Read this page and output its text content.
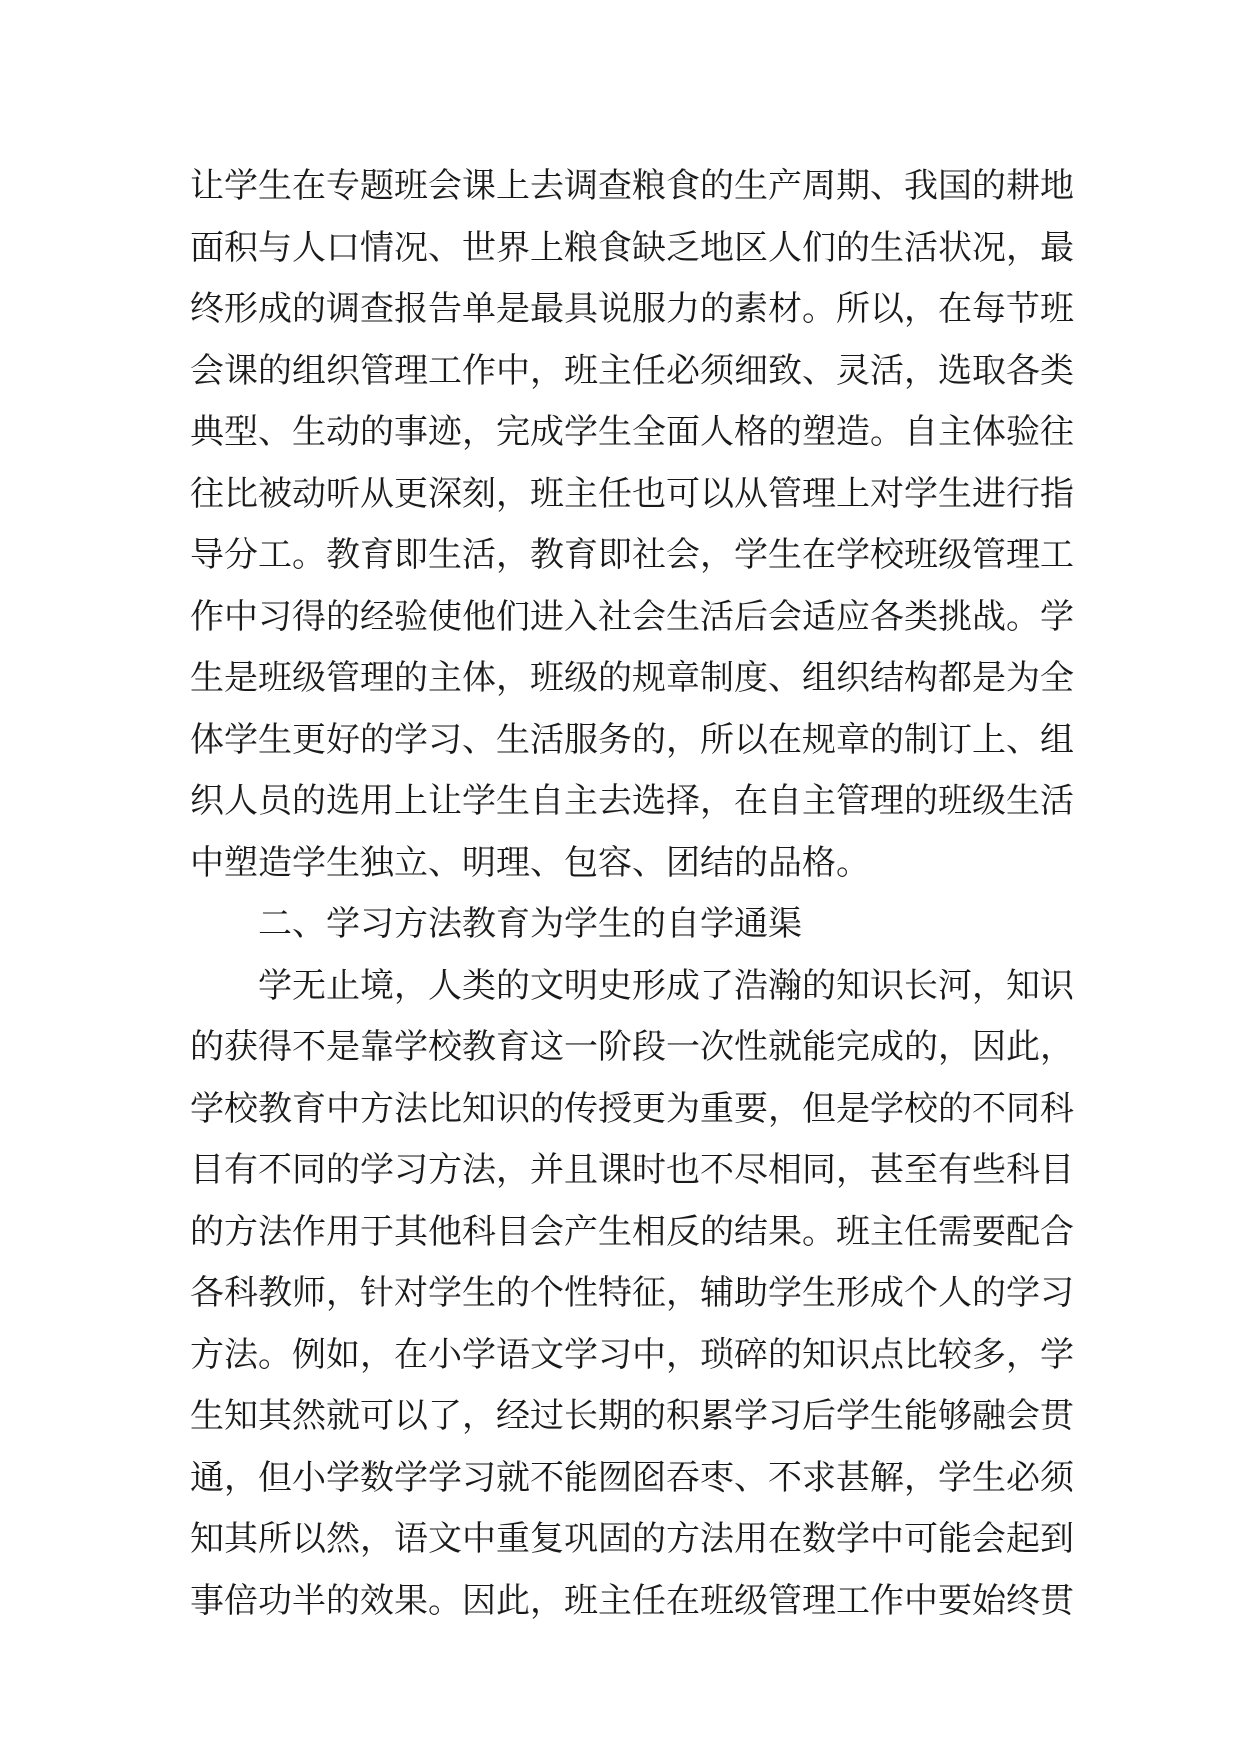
让学生在专题班会课上去调查粮食的生产周期、我国的耕地
面积与人口情况、世界上粮食缺乏地区人们的生活状况，最
终形成的调查报告单是最具说服力的素材。所以，在每节班
会课的组织管理工作中，班主任必须细致、灵活，选取各类
典型、生动的事迹，完成学生全面人格的塑造。自主体验往
往比被动听从更深刻，班主任也可以从管理上对学生进行指
导分工。教育即生活，教育即社会，学生在学校班级管理工
作中习得的经验使他们进入社会生活后会适应各类挑战。学
生是班级管理的主体，班级的规章制度、组织结构都是为全
体学生更好的学习、生活服务的，所以在规章的制订上、组
织人员的选用上让学生自主去选择，在自主管理的班级生活
中塑造学生独立、明理、包容、团结的品格。
二、学习方法教育为学生的自学通渠
学无止境，人类的文明史形成了浩瀚的知识长河，知识
的获得不是靠学校教育这一阶段一次性就能完成的，因此，
学校教育中方法比知识的传授更为重要，但是学校的不同科
目有不同的学习方法，并且课时也不尽相同，甚至有些科目
的方法作用于其他科目会产生相反的结果。班主任需要配合
各科教师，针对学生的个性特征，辅助学生形成个人的学习
方法。例如，在小学语文学习中，琐碎的知识点比较多，学
生知其然就可以了，经过长期的积累学习后学生能够融会贯
通，但小学数学学习就不能囫囵吞枣、不求甚解，学生必须
知其所以然，语文中重复巩固的方法用在数学中可能会起到
事倍功半的效果。因此，班主任在班级管理工作中要始终贯
